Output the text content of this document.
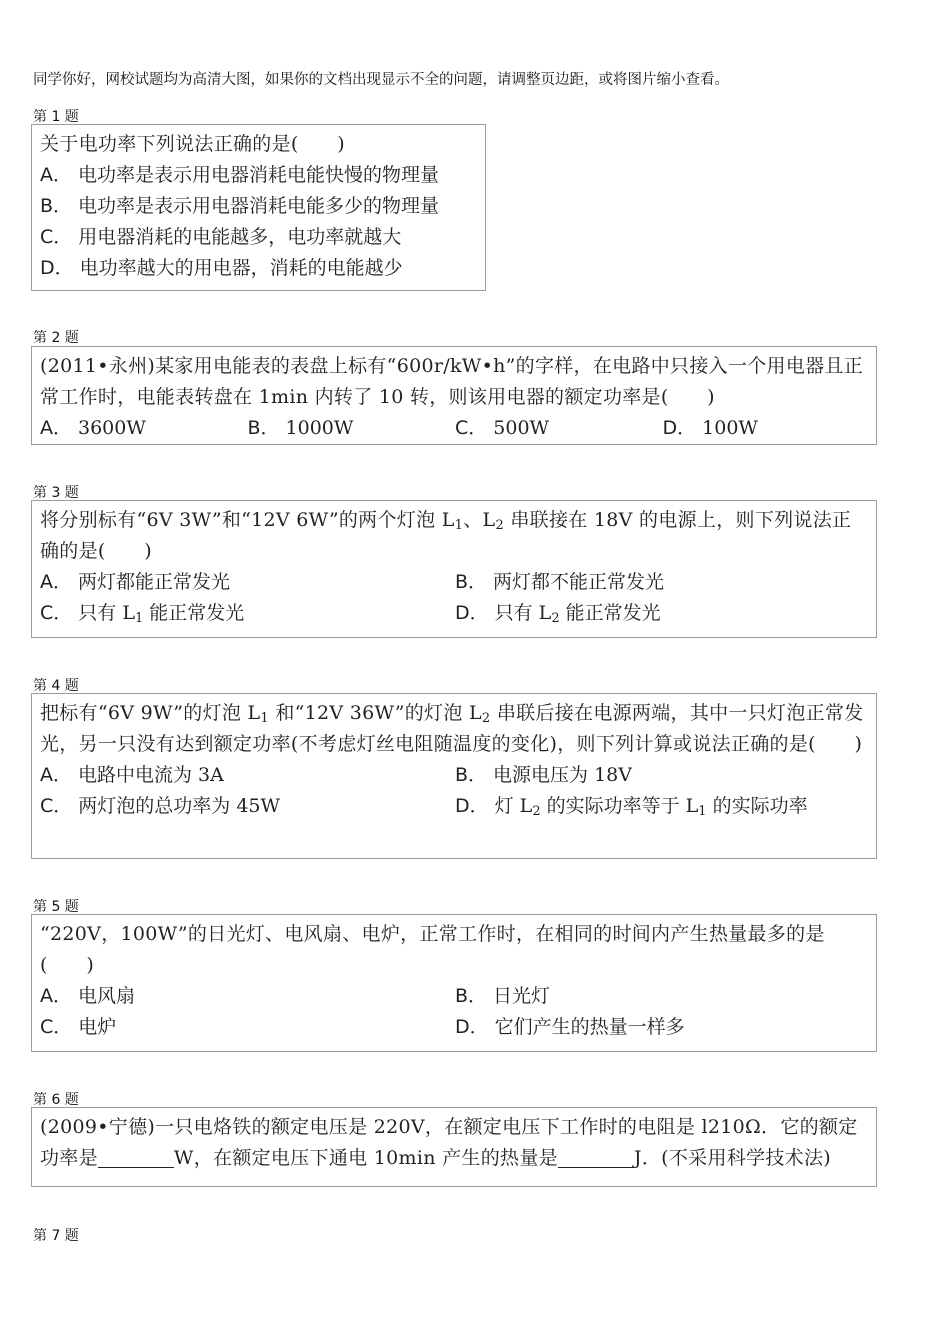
同学你好，网校试题均为高清大图，如果你的文档出现显示不全的问题，请调整页边距，或将图片缩小查看。
第 1 题
关于电功率下列说法正确的是(　　)
A． 电功率是表示用电器消耗电能快慢的物理量
B． 电功率是表示用电器消耗电能多少的物理量
C． 用电器消耗的电能越多，电功率就越大
D． 电功率越大的用电器，消耗的电能越少
第 2 题
(2011•永州)某家用电能表的表盘上标有“600r/kW•h”的字样，在电路中只接入一个用电器且正常工作时，电能表转盘在 1min 内转了 10 转，则该用电器的额定功率是(　　)
A． 3600W	B． 1000W	C． 500W	D． 100W
第 3 题
将分别标有“6V 3W”和“12V 6W”的两个灯泡 $L_1$、$L_2$ 串联接在 18V 的电源上，则下列说法正确的是(　　)
A． 两灯都能正常发光	B． 两灯都不能正常发光
C． 只有 $L_1$ 能正常发光	D． 只有 $L_2$ 能正常发光
第 4 题
把标有“6V 9W”的灯泡 $L_1$ 和“12V 36W”的灯泡 $L_2$ 串联后接在电源两端，其中一只灯泡正常发光，另一只没有达到额定功率(不考虑灯丝电阻随温度的变化)，则下列计算或说法正确的是(　　)
A． 电路中电流为 3A	B． 电源电压为 18V
C． 两灯泡的总功率为 45W	D． 灯 $L_2$ 的实际功率等于 $L_1$ 的实际功率
第 5 题
“220V，100W”的日光灯、电风扇、电炉，正常工作时，在相同的时间内产生热量最多的是(　　)
A． 电风扇	B． 日光灯
C． 电炉	D． 它们产生的热量一样多
第 6 题
(2009•宁德)一只电烙铁的额定电压是 220V，在额定电压下工作时的电阻是 l210Ω．它的额定功率是	W，在额定电压下通电 10min 产生的热量是	J．(不采用科学技术法)
第 7 题
